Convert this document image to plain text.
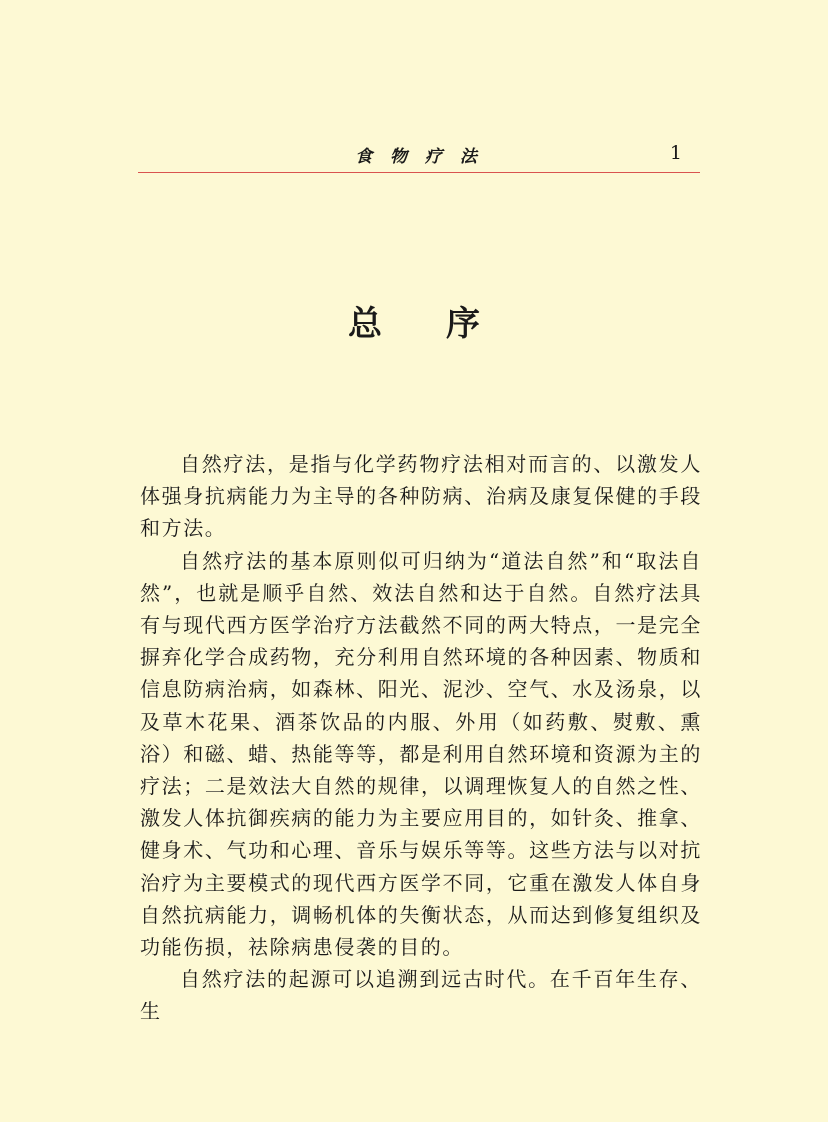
食 物 疗 法	1
总序

自然疗法，是指与化学药物疗法相对而言的、以激发人体强身抗病能力为主导的各种防病、治病及康复保健的手段和方法。

自然疗法的基本原则似可归纳为“道法自然”和“取法自然”，也就是顺乎自然、效法自然和达于自然。自然疗法具有与现代西方医学治疗方法截然不同的两大特点，一是完全摒弃化学合成药物，充分利用自然环境的各种因素、物质和信息防病治病，如森林、阳光、泥沙、空气、水及汤泉，以及草木花果、酒茶饮品的内服、外用（如药敷、熨敷、熏浴）和磁、蜡、热能等等，都是利用自然环境和资源为主的疗法；二是效法大自然的规律，以调理恢复人的自然之性、激发人体抗御疾病的能力为主要应用目的，如针灸、推拿、健身术、气功和心理、音乐与娱乐等等。这些方法与以对抗治疗为主要模式的现代西方医学不同，它重在激发人体自身自然抗病能力，调畅机体的失衡状态，从而达到修复组织及功能伤损，祛除病患侵袭的目的。

自然疗法的起源可以追溯到远古时代。在千百年生存、生
